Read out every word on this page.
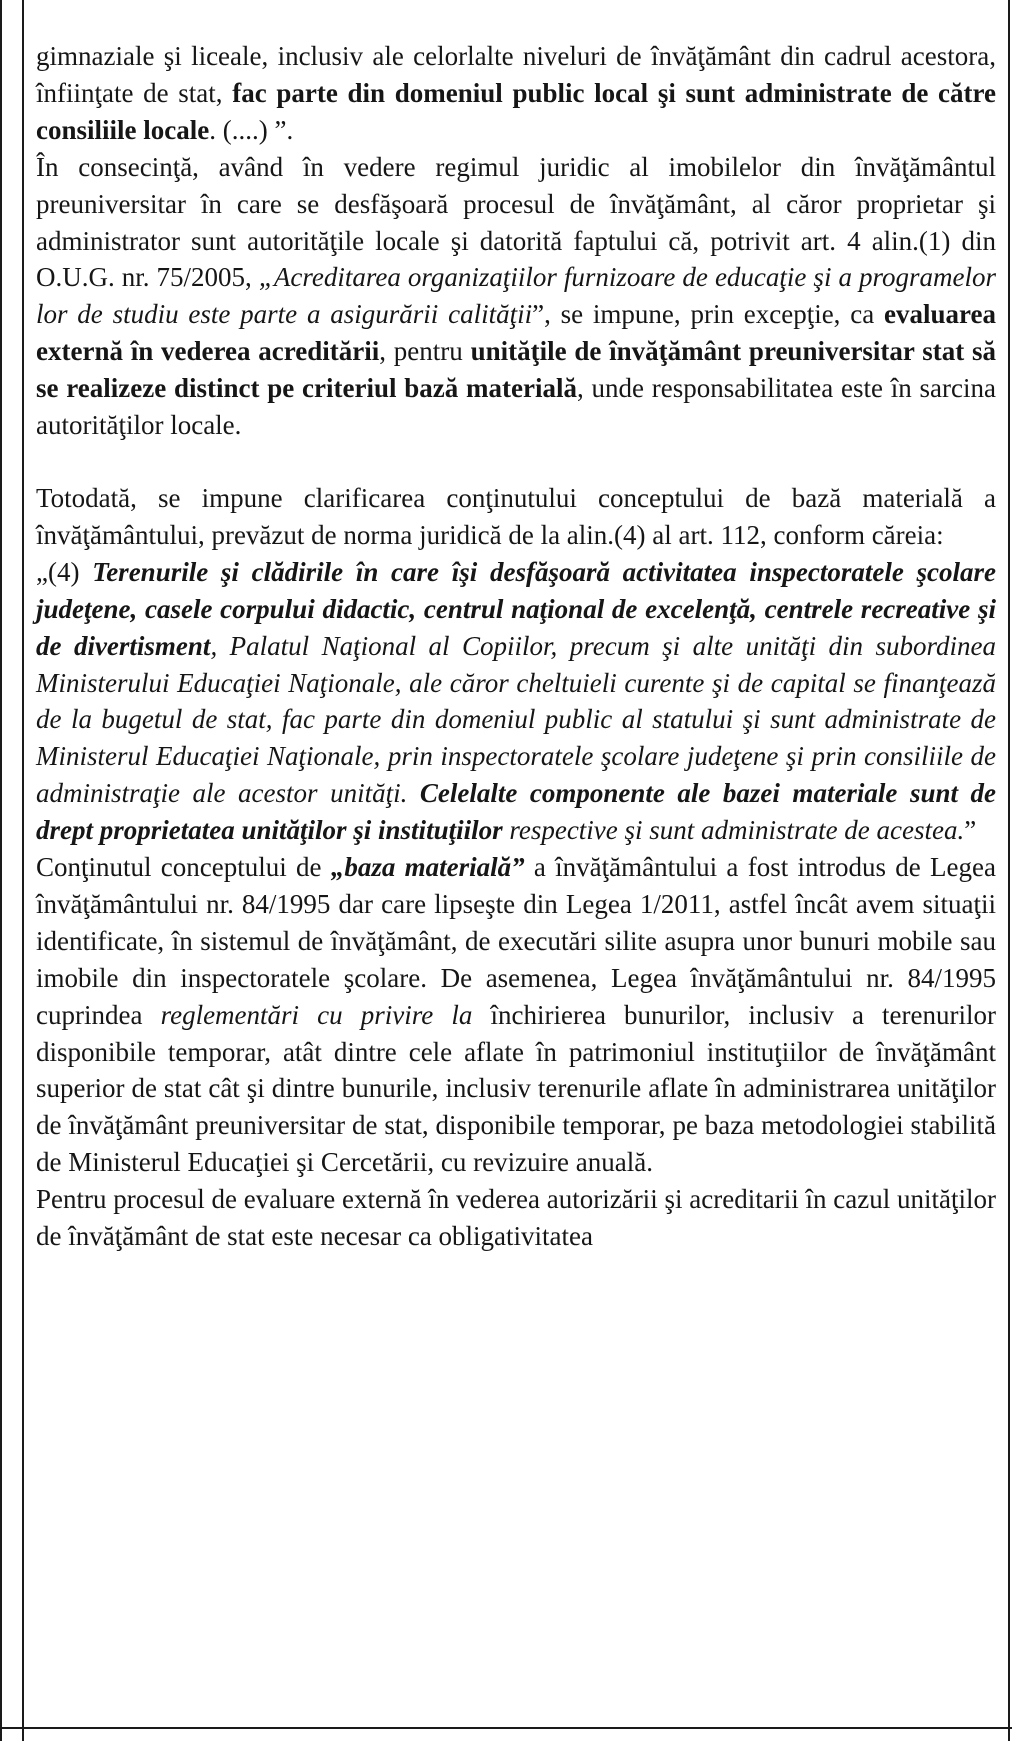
gimnaziale şi liceale, inclusiv ale celorlalte niveluri de învăţământ din cadrul acestora, înfiinţate de stat, fac parte din domeniul public local şi sunt administrate de către consiliile locale. (....) ”.

În consecinţă, având în vedere regimul juridic al imobilelor din învăţământul preuniversitar în care se desfăşoară procesul de învăţământ, al căror proprietar şi administrator sunt autorităţile locale şi datorită faptului că, potrivit art. 4 alin.(1) din O.U.G. nr. 75/2005, „Acreditarea organizaţiilor furnizoare de educaţie şi a programelor lor de studiu este parte a asigurării calităţii”, se impune, prin excepţie, ca evaluarea externă în vederea acreditării, pentru unităţile de învăţământ preuniversitar stat să se realizeze distinct pe criteriul bază materială, unde responsabilitatea este în sarcina autorităţilor locale.

Totodată, se impune clarificarea conţinutului conceptului de bază materială a învăţământului, prevăzut de norma juridică de la alin.(4) al art. 112, conform căreia:

„(4) Terenurile şi clădirile în care îşi desfăşoară activitatea inspectoratele şcolare judeţene, casele corpului didactic, centrul naţional de excelenţă, centrele recreative şi de divertisment, Palatul Naţional al Copiilor, precum şi alte unităţi din subordinea Ministerului Educaţiei Naţionale, ale căror cheltuieli curente şi de capital se finanţează de la bugetul de stat, fac parte din domeniul public al statului şi sunt administrate de Ministerul Educaţiei Naţionale, prin inspectoratele şcolare judeţene şi prin consiliile de administraţie ale acestor unităţi. Celelalte componente ale bazei materiale sunt de drept proprietatea unităţilor şi instituţiilor respective şi sunt administrate de acestea.”

Conţinutul conceptului de „baza materială” a învăţământului a fost introdus de Legea învăţământului nr. 84/1995 dar care lipseşte din Legea 1/2011, astfel încât avem situaţii identificate, în sistemul de învăţământ, de executări silite asupra unor bunuri mobile sau imobile din inspectoratele şcolare. De asemenea, Legea învăţământului nr. 84/1995 cuprindea reglementări cu privire la închirierea bunurilor, inclusiv a terenurilor disponibile temporar, atât dintre cele aflate în patrimoniul instituţiilor de învăţământ superior de stat cât şi dintre bunurile, inclusiv terenurile aflate în administrarea unităţilor de învăţământ preuniversitar de stat, disponibile temporar, pe baza metodologiei stabilită de Ministerul Educaţiei şi Cercetării, cu revizuire anuală.

Pentru procesul de evaluare externă în vederea autorizării şi acreditarii în cazul unităţilor de învăţământ de stat este necesar ca obligativitatea
